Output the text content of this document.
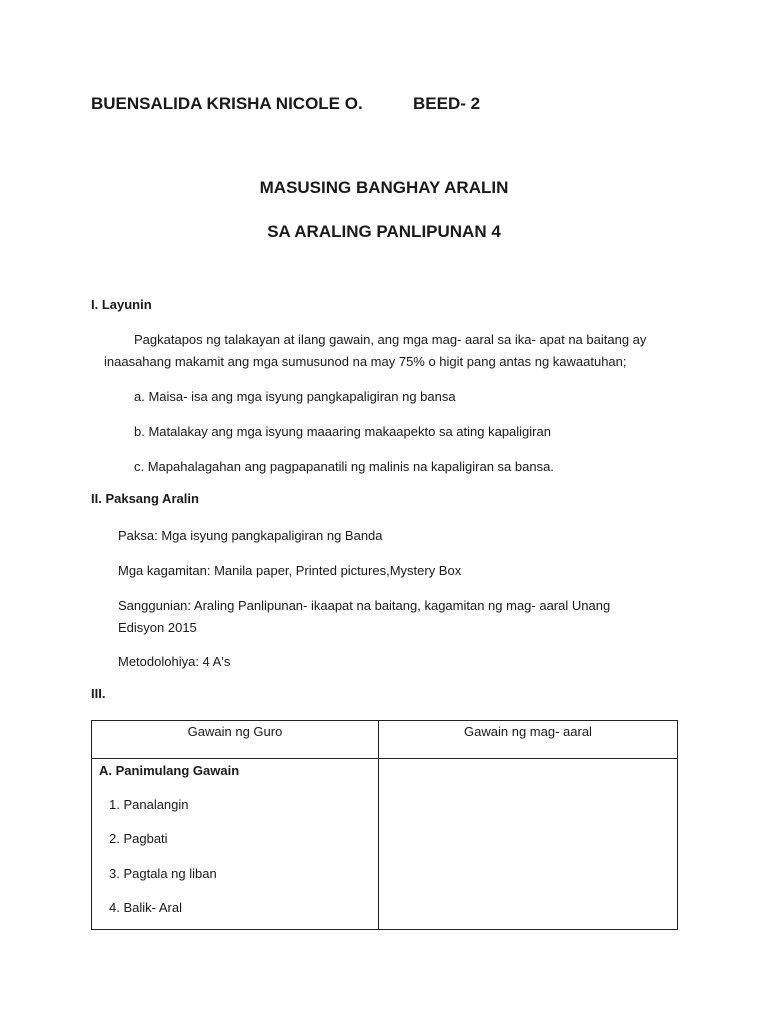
BUENSALIDA KRISHA NICOLE O.	BEED- 2
MASUSING BANGHAY ARALIN
SA ARALING PANLIPUNAN 4
I. Layunin
Pagkatapos ng talakayan at ilang gawain, ang mga mag- aaral sa ika- apat na baitang ay
inaasahang makamit ang mga sumusunod na may 75% o higit pang antas ng kawaatuhan;
a. Maisa- isa ang mga isyung pangkapaligiran ng bansa
b. Matalakay ang mga isyung maaaring makaapekto sa ating kapaligiran
c. Mapahalagahan ang pagpapanatili ng malinis na kapaligiran sa bansa.
II. Paksang Aralin
Paksa: Mga isyung pangkapaligiran ng Banda
Mga kagamitan: Manila paper, Printed pictures,Mystery Box
Sanggunian: Araling Panlipunan- ikaapat na baitang, kagamitan ng mag- aaral Unang
Edisyon 2015
Metodolohiya: 4 A's
III.
Gawain ng Guro	Gawain ng mag- aaral

A. Panimulang Gawain
1. Panalangin
2. Pagbati
3. Pagtala ng liban
4. Balik- Aral	
